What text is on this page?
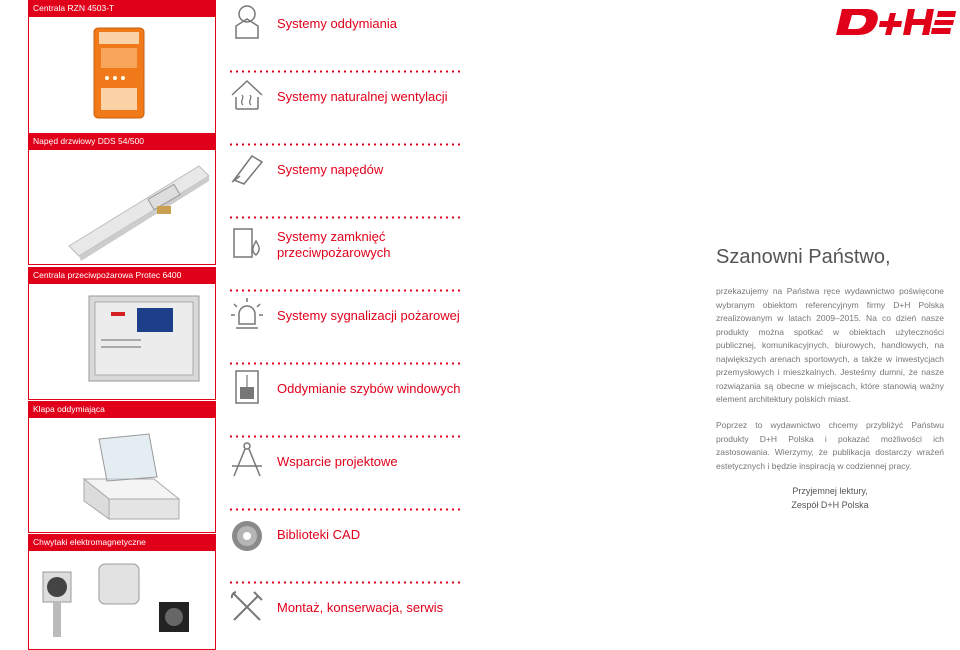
Centrala RZN 4503-T
Napęd drzwiowy DDS 54/500
Centrala przeciwpożarowa Protec 6400
Klapa oddymiająca
Chwytaki elektromagnetyczne
Systemy oddymiania
Systemy naturalnej wentylacji
Systemy napędów
Systemy zamknięć przeciwpożarowych
Systemy sygnalizacji pożarowej
Oddymianie szybów windowych
Wsparcie projektowe
Biblioteki CAD
Montaż, konserwacja, serwis
Szanowni Państwo,
przekazujemy na Państwa ręce wydawnictwo poświęcone wybranym obiektom referencyjnym firmy D+H Polska zrealizowanym w latach 2009–2015. Na co dzień nasze produkty można spotkać w obiektach użyteczności publicznej, komunikacyjnych, biurowych, handlowych, na największych arenach sportowych, a także w inwestycjach przemysłowych i mieszkalnych. Jesteśmy dumni, że nasze rozwiązania są obecne w miejscach, które stanowią ważny element architektury polskich miast.
Poprzez to wydawnictwo chcemy przybliżyć Państwu produkty D+H Polska i pokazać możliwości ich zastosowania. Wierzymy, że publikacja dostarczy wrażeń estetycznych i będzie inspiracją w codziennej pracy.
Przyjemnej lektury,
Zespół D+H Polska
